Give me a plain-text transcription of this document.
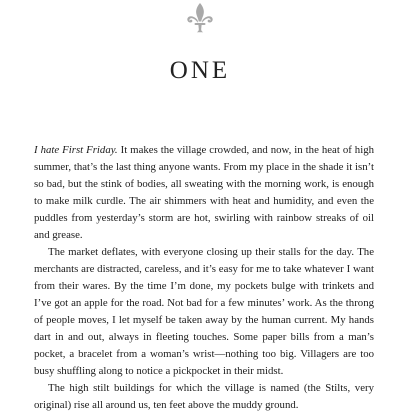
ONE

I hate First Friday. It makes the village crowded, and now, in the heat of high summer, that’s the last thing anyone wants. From my place in the shade it isn’t so bad, but the stink of bodies, all sweating with the morning work, is enough to make milk curdle. The air shimmers with heat and humidity, and even the puddles from yesterday’s storm are hot, swirling with rainbow streaks of oil and grease.

The market deflates, with everyone closing up their stalls for the day. The merchants are distracted, careless, and it’s easy for me to take whatever I want from their wares. By the time I’m done, my pockets bulge with trinkets and I’ve got an apple for the road. Not bad for a few minutes’ work. As the throng of people moves, I let myself be taken away by the human current. My hands dart in and out, always in fleeting touches. Some paper bills from a man’s pocket, a bracelet from a woman’s wrist—nothing too big. Villagers are too busy shuffling along to notice a pickpocket in their midst.

The high stilt buildings for which the village is named (the Stilts, very original) rise all around us, ten feet above the muddy ground.
